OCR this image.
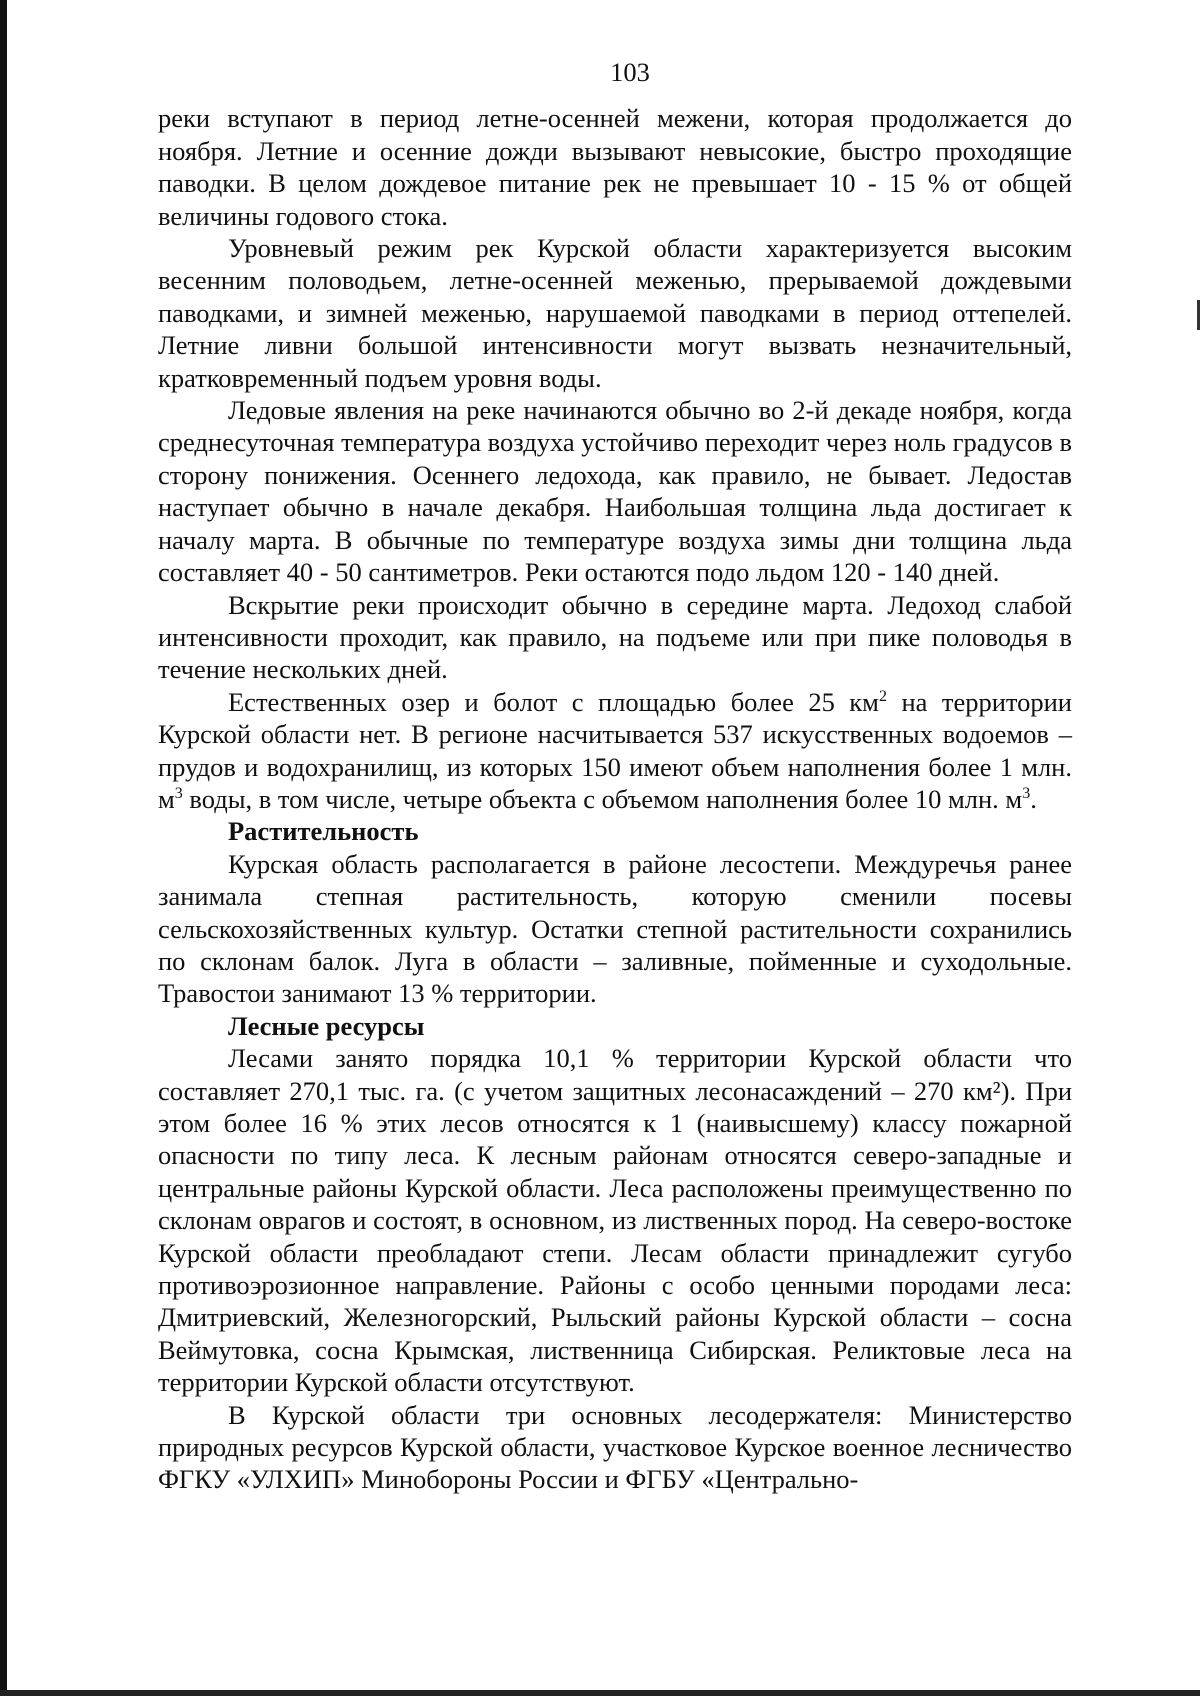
103

реки вступают в период летне-осенней межени, которая продолжается до ноября. Летние и осенние дожди вызывают невысокие, быстро проходящие паводки. В целом дождевое питание рек не превышает 10 - 15 % от общей величины годового стока.

Уровневый режим рек Курской области характеризуется высоким весенним половодьем, летне-осенней меженью, прерываемой дождевыми паводками, и зимней меженью, нарушаемой паводками в период оттепелей. Летние ливни большой интенсивности могут вызвать незначительный, кратковременный подъем уровня воды.

Ледовые явления на реке начинаются обычно во 2-й декаде ноября, когда среднесуточная температура воздуха устойчиво переходит через ноль градусов в сторону понижения. Осеннего ледохода, как правило, не бывает. Ледостав наступает обычно в начале декабря. Наибольшая толщина льда достигает к началу марта. В обычные по температуре воздуха зимы дни толщина льда составляет 40 - 50 сантиметров. Реки остаются подо льдом 120 - 140 дней.

Вскрытие реки происходит обычно в середине марта. Ледоход слабой интенсивности проходит, как правило, на подъеме или при пике половодья в течение нескольких дней.

Естественных озер и болот с площадью более 25 $км^2$ на территории Курской области нет. В регионе насчитывается 537 искусственных водоемов – прудов и водохранилищ, из которых 150 имеют объем наполнения более 1 млн. $м^3$ воды, в том числе, четыре объекта с объемом наполнения более 10 млн. $м^3$.

Растительность

Курская область располагается в районе лесостепи. Междуречья ранее занимала степная растительность, которую сменили посевы сельскохозяйственных культур. Остатки степной растительности сохранились по склонам балок. Луга в области – заливные, пойменные и суходольные. Травостои занимают 13 % территории.

Лесные ресурсы

Лесами занято порядка 10,1 % территории Курской области что составляет 270,1 тыс. га. (с учетом защитных лесонасаждений – 270 км²). При этом более 16 % этих лесов относятся к 1 (наивысшему) классу пожарной опасности по типу леса. К лесным районам относятся северо-западные и центральные районы Курской области. Леса расположены преимущественно по склонам оврагов и состоят, в основном, из лиственных пород. На северо-востоке Курской области преобладают степи. Лесам области принадлежит сугубо противоэрозионное направление. Районы с особо ценными породами леса: Дмитриевский, Железногорский, Рыльский районы Курской области – сосна Веймутовка, сосна Крымская, лиственница Сибирская. Реликтовые леса на территории Курской области отсутствуют.

В Курской области три основных лесодержателя: Министерство природных ресурсов Курской области, участковое Курское военное лесничество ФГКУ «УЛХИП» Минобороны России и ФГБУ «Центрально-
